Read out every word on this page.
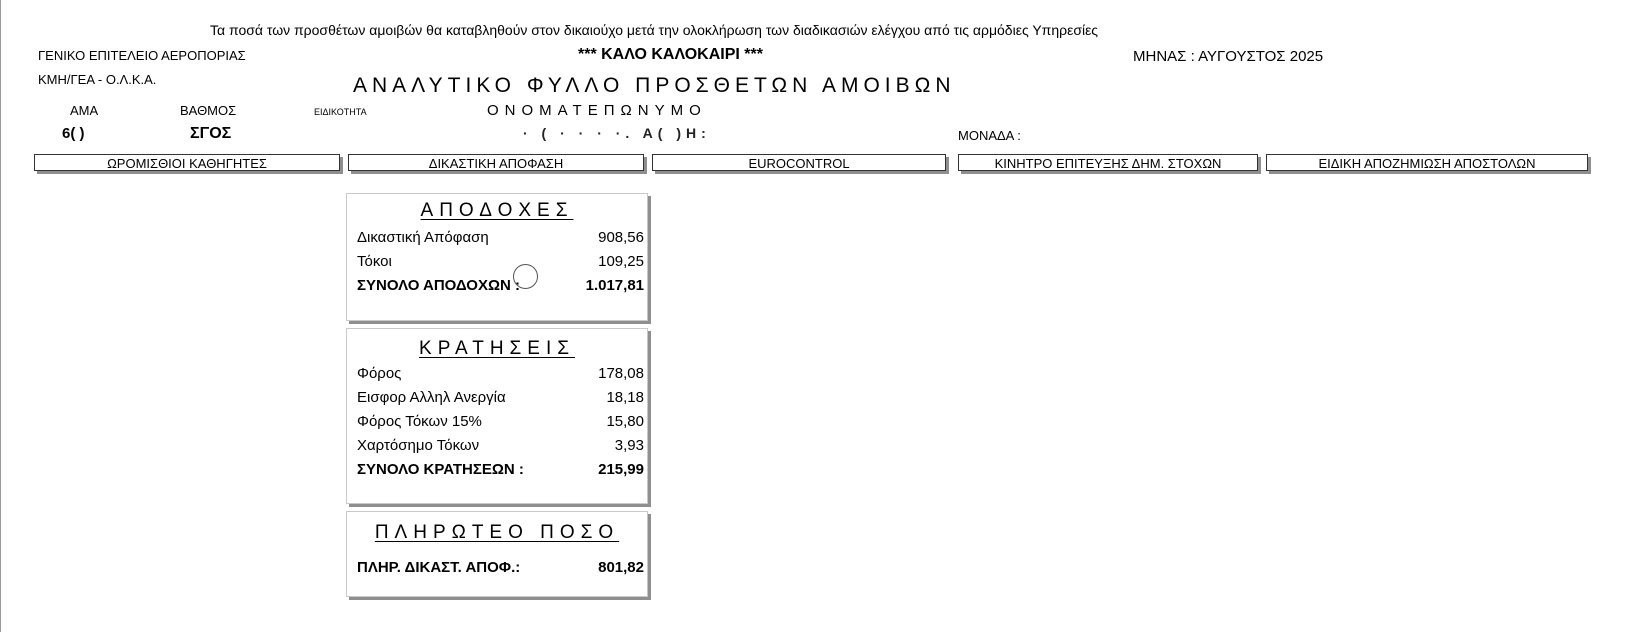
Τα ποσά των προσθέτων αμοιβών θα καταβληθούν στον δικαιούχο μετά την ολοκλήρωση των διαδικασιών ελέγχου από τις αρμόδιες Υπηρεσίες
ΓΕΝΙΚΟ ΕΠΙΤΕΛΕΙΟ ΑΕΡΟΠΟΡΙΑΣ
ΚΜΗ/ΓΕΑ - Ο.Λ.Κ.Α.
*** ΚΑΛΟ ΚΑΛΟΚΑΙΡΙ ***	ΜΗΝΑΣ : ΑΥΓΟΥΣΤΟΣ 2025
ΑΝΑΛΥΤΙΚΟ ΦΥΛΛΟ ΠΡΟΣΘΕΤΩΝ ΑΜΟΙΒΩΝ
ΑΜΑ	ΒΑΘΜΟΣ	ΕΙΔΙΚΟΤΗΤΑ	ΟΝΟΜΑΤΕΠΩΝΥΜΟ
6( )	ΣΓΟΣ	· ( · · · ·. Α( )Η:	ΜΟΝΑΔΑ :
ΩΡΟΜΙΣΘΙΟΙ ΚΑΘΗΓΗΤΕΣ	ΔΙΚΑΣΤΙΚΗ ΑΠΟΦΑΣΗ	EUROCONTROL	ΚΙΝΗΤΡΟ ΕΠΙΤΕΥΞΗΣ ΔΗΜ. ΣΤΟΧΩΝ	ΕΙΔΙΚΗ ΑΠΟΖΗΜΙΩΣΗ ΑΠΟΣΤΟΛΩΝ
ΑΠΟΔΟΧΕΣ
Δικαστική Απόφαση	908,56
Τόκοι	109,25
ΣΥΝΟΛΟ ΑΠΟΔΟΧΩΝ :	1.017,81
ΚΡΑΤΗΣΕΙΣ
Φόρος	178,08
Εισφορ Αλληλ Ανεργία	18,18
Φόρος Τόκων 15%	15,80
Χαρτόσημο Τόκων	3,93
ΣΥΝΟΛΟ ΚΡΑΤΗΣΕΩΝ :	215,99
ΠΛΗΡΩΤΕΟ ΠΟΣΟ
ΠΛΗΡ. ΔΙΚΑΣΤ. ΑΠΟΦ.:	801,82
